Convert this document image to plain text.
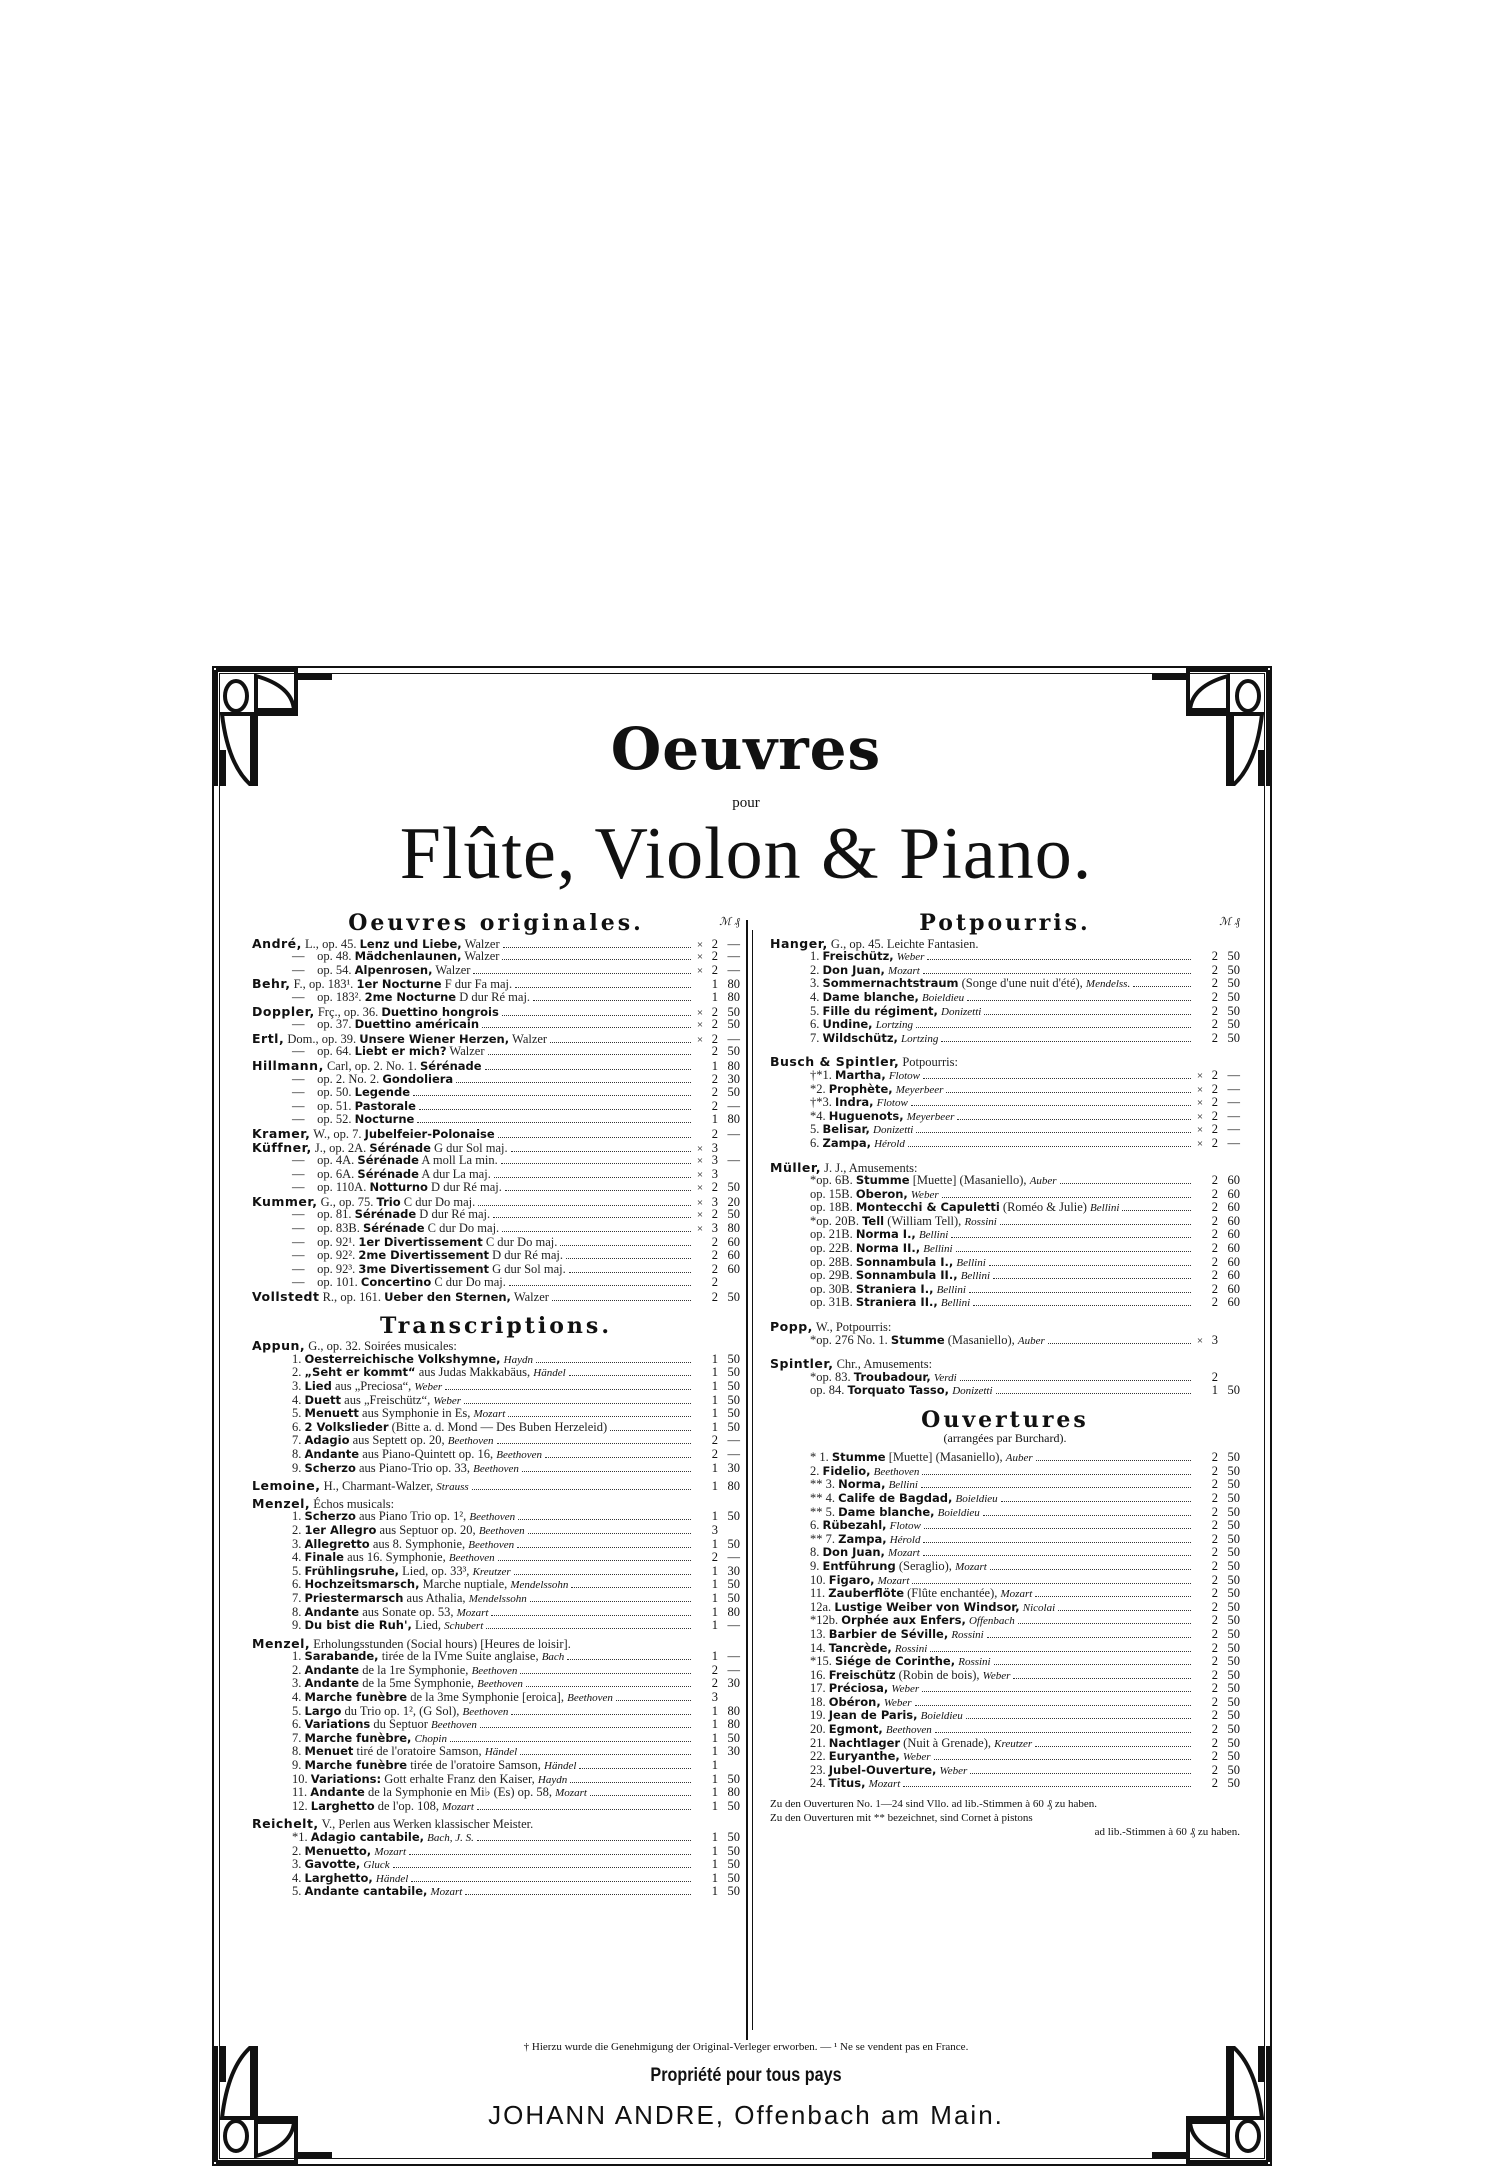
Oeuvres
pour
Flûte, Violon & Piano.
Oeuvres originales.	ℳ ₰
André, L., op. 45. Lenz und Liebe, Walzer	× 2 —
— op. 48. Mädchenlaunen, Walzer	× 2 —
— op. 54. Alpenrosen, Walzer	× 2 —
Behr, F., op. 183¹. 1er Nocturne F dur Fa maj.	1 80
— op. 183². 2me Nocturne D dur Ré maj.	1 80
Doppler, Frç., op. 36. Duettino hongrois	× 2 50
— op. 37. Duettino américain	× 2 50
Ertl, Dom., op. 39. Unsere Wiener Herzen, Walzer	× 2 —
— op. 64. Liebt er mich? Walzer	2 50
Hillmann, Carl, op. 2. No. 1. Sérénade	1 80
— op. 2. No. 2. Gondoliera	2 30
— op. 50. Legende	2 50
— op. 51. Pastorale	2 —
— op. 52. Nocturne	1 80
Kramer, W., op. 7. Jubelfeier-Polonaise	2 —
Küffner, J., op. 2A. Sérénade G dur Sol maj.	× 3
— op. 4A. Sérénade A moll La min.	× 3 —
— op. 6A. Sérénade A dur La maj.	× 3
— op. 110A. Notturno D dur Ré maj.	× 2 50
Kummer, G., op. 75. Trio C dur Do maj.	× 3 20
— op. 81. Sérénade D dur Ré maj.	× 2 50
— op. 83B. Sérénade C dur Do maj.	× 3 80
— op. 92¹. 1er Divertissement C dur Do maj.	2 60
— op. 92². 2me Divertissement D dur Ré maj.	2 60
— op. 92³. 3me Divertissement G dur Sol maj.	2 60
— op. 101. Concertino C dur Do maj.	2
Vollstedt R., op. 161. Ueber den Sternen, Walzer	2 50
Transcriptions.
Appun, G., op. 32. Soirées musicales:
1. Oesterreichische Volkshymne, Haydn	1 50
2. „Seht er kommt“ aus Judas Makkabäus, Händel	1 50
3. Lied aus „Preciosa“, Weber	1 50
4. Duett aus „Freischütz“, Weber	1 50
5. Menuett aus Symphonie in Es, Mozart	1 50
6. 2 Volkslieder (Bitte a. d. Mond — Des Buben Herzeleid)	1 50
7. Adagio aus Septett op. 20, Beethoven	2 —
8. Andante aus Piano-Quintett op. 16, Beethoven	2 —
9. Scherzo aus Piano-Trio op. 33, Beethoven	1 30
Lemoine, H., Charmant-Walzer, Strauss	1 80
Menzel, Échos musicals:
1. Scherzo aus Piano Trio op. 1², Beethoven	1 50
2. 1er Allegro aus Septuor op. 20, Beethoven	3
3. Allegretto aus 8. Symphonie, Beethoven	1 50
4. Finale aus 16. Symphonie, Beethoven	2 —
5. Frühlingsruhe, Lied, op. 33³, Kreutzer	1 30
6. Hochzeitsmarsch, Marche nuptiale, Mendelssohn	1 50
7. Priestermarsch aus Athalia, Mendelssohn	1 50
8. Andante aus Sonate op. 53, Mozart	1 80
9. Du bist die Ruh', Lied, Schubert	1 —
Menzel, Erholungsstunden (Social hours) [Heures de loisir].
1. Sarabande, tirée de la IVme Suite anglaise, Bach	1 —
2. Andante de la 1re Symphonie, Beethoven	2 —
3. Andante de la 5me Symphonie, Beethoven	2 30
4. Marche funèbre de la 3me Symphonie [eroica], Beethoven	3
5. Largo du Trio op. 1², (G Sol), Beethoven	1 80
6. Variations du Septuor Beethoven	1 80
7. Marche funèbre, Chopin	1 50
8. Menuet tiré de l'oratoire Samson, Händel	1 30
9. Marche funèbre tirée de l'oratoire Samson, Händel	1
10. Variations: Gott erhalte Franz den Kaiser, Haydn	1 50
11. Andante de la Symphonie en Mi♭ (Es) op. 58, Mozart	1 80
12. Larghetto de l'op. 108, Mozart	1 50
Reichelt, V., Perlen aus Werken klassischer Meister.
*1. Adagio cantabile, Bach, J. S.	1 50
2. Menuetto, Mozart	1 50
3. Gavotte, Gluck	1 50
4. Larghetto, Händel	1 50
5. Andante cantabile, Mozart	1 50
Potpourris.	ℳ ₰
Hanger, G., op. 45. Leichte Fantasien.
1. Freischütz, Weber	2 50
2. Don Juan, Mozart	2 50
3. Sommernachtstraum (Songe d'une nuit d'été), Mendelss.	2 50
4. Dame blanche, Boieldieu	2 50
5. Fille du régiment, Donizetti	2 50
6. Undine, Lortzing	2 50
7. Wildschütz, Lortzing	2 50
Busch & Spintler, Potpourris:
†*1. Martha, Flotow	× 2 —
*2. Prophète, Meyerbeer	× 2 —
†*3. Indra, Flotow	× 2 —
*4. Huguenots, Meyerbeer	× 2 —
5. Belisar, Donizetti	× 2 —
6. Zampa, Hérold	× 2 —
Müller, J. J., Amusements:
*op. 6B. Stumme [Muette] (Masaniello), Auber	2 60
op. 15B. Oberon, Weber	2 60
op. 18B. Montecchi & Capuletti (Roméo & Julie) Bellini	2 60
*op. 20B. Tell (William Tell), Rossini	2 60
op. 21B. Norma I., Bellini	2 60
op. 22B. Norma II., Bellini	2 60
op. 28B. Sonnambula I., Bellini	2 60
op. 29B. Sonnambula II., Bellini	2 60
op. 30B. Straniera I., Bellini	2 60
op. 31B. Straniera II., Bellini	2 60
Popp, W., Potpourris:
*op. 276 No. 1. Stumme (Masaniello), Auber	× 3
Spintler, Chr., Amusements:
*op. 83. Troubadour, Verdi	2
op. 84. Torquato Tasso, Donizetti	1 50
Ouvertures
(arrangées par Burchard).
* 1. Stumme [Muette] (Masaniello), Auber	2 50
2. Fidelio, Beethoven	2 50
** 3. Norma, Bellini	2 50
** 4. Calife de Bagdad, Boieldieu	2 50
** 5. Dame blanche, Boieldieu	2 50
6. Rübezahl, Flotow	2 50
** 7. Zampa, Hérold	2 50
8. Don Juan, Mozart	2 50
9. Entführung (Seraglio), Mozart	2 50
10. Figaro, Mozart	2 50
11. Zauberflöte (Flûte enchantée), Mozart	2 50
12a. Lustige Weiber von Windsor, Nicolai	2 50
*12b. Orphée aux Enfers, Offenbach	2 50
13. Barbier de Séville, Rossini	2 50
14. Tancrède, Rossini	2 50
*15. Siége de Corinthe, Rossini	2 50
16. Freischütz (Robin de bois), Weber	2 50
17. Préciosa, Weber	2 50
18. Obéron, Weber	2 50
19. Jean de Paris, Boieldieu	2 50
20. Egmont, Beethoven	2 50
21. Nachtlager (Nuit à Grenade), Kreutzer	2 50
22. Euryanthe, Weber	2 50
23. Jubel-Ouverture, Weber	2 50
24. Titus, Mozart	2 50
Zu den Ouverturen No. 1—24 sind Vllo. ad lib.-Stimmen à 60 ₰ zu haben.
Zu den Ouverturen mit ** bezeichnet, sind Cornet à pistons
ad lib.-Stimmen à 60 ₰ zu haben.
† Hierzu wurde die Genehmigung der Original-Verleger erworben. — ¹ Ne se vendent pas en France.
Propriété pour tous pays
JOHANN ANDRE, Offenbach am Main.
